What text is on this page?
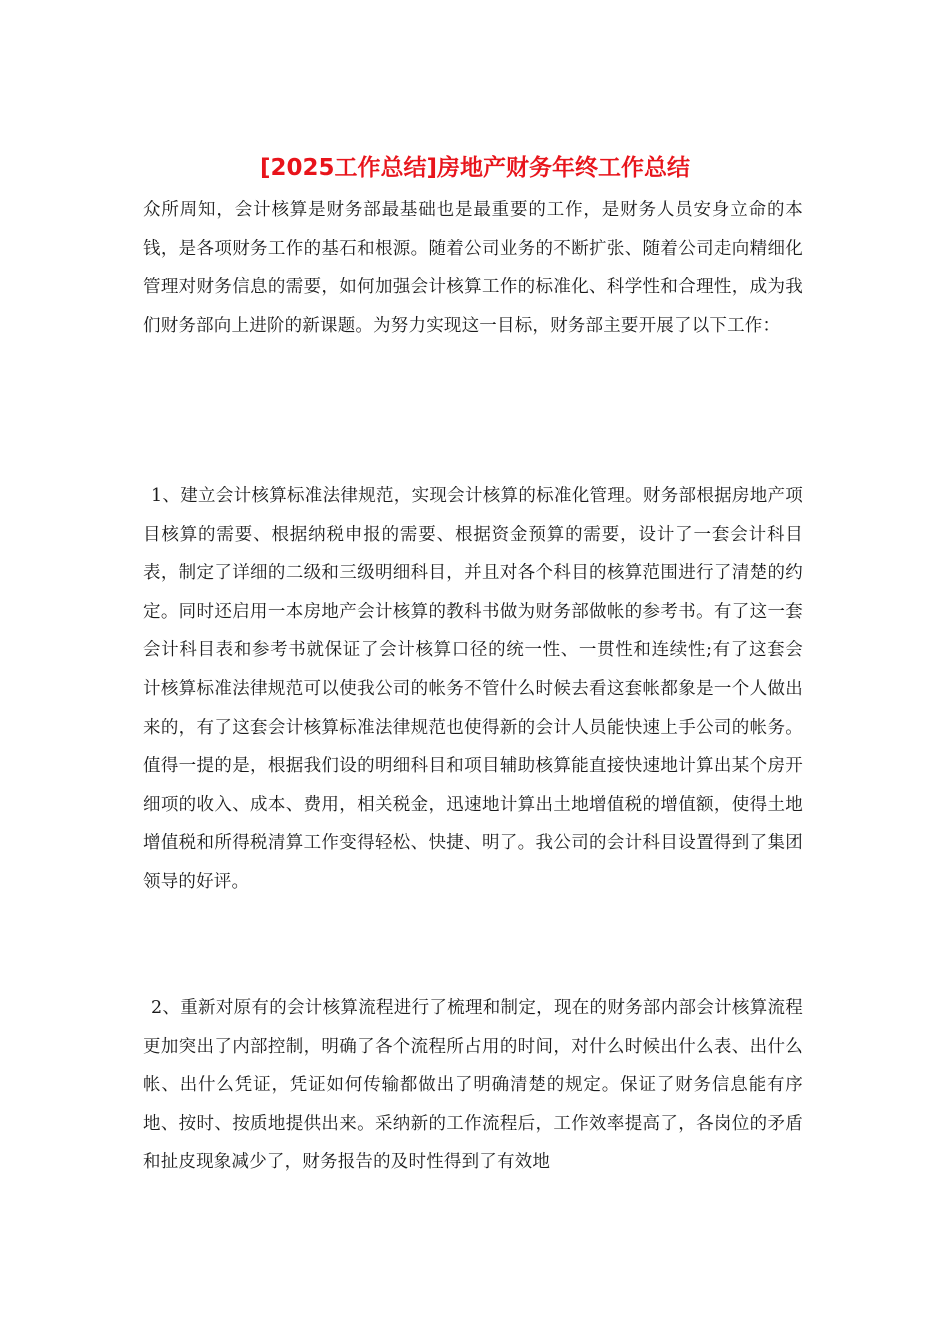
[2025工作总结]房地产财务年终工作总结

众所周知，会计核算是财务部最基础也是最重要的工作，是财务人员安身立命的本钱，是各项财务工作的基石和根源。随着公司业务的不断扩张、随着公司走向精细化管理对财务信息的需要，如何加强会计核算工作的标准化、科学性和合理性，成为我们财务部向上进阶的新课题。为努力实现这一目标，财务部主要开展了以下工作：

1、建立会计核算标准法律规范，实现会计核算的标准化管理。财务部根据房地产项目核算的需要、根据纳税申报的需要、根据资金预算的需要，设计了一套会计科目表，制定了详细的二级和三级明细科目，并且对各个科目的核算范围进行了清楚的约定。同时还启用一本房地产会计核算的教科书做为财务部做帐的参考书。有了这一套会计科目表和参考书就保证了会计核算口径的统一性、一贯性和连续性;有了这套会计核算标准法律规范可以使我公司的帐务不管什么时候去看这套帐都象是一个人做出来的，有了这套会计核算标准法律规范也使得新的会计人员能快速上手公司的帐务。值得一提的是，根据我们设的明细科目和项目辅助核算能直接快速地计算出某个房开细项的收入、成本、费用，相关税金，迅速地计算出土地增值税的增值额，使得土地增值税和所得税清算工作变得轻松、快捷、明了。我公司的会计科目设置得到了集团领导的好评。

2、重新对原有的会计核算流程进行了梳理和制定，现在的财务部内部会计核算流程更加突出了内部控制，明确了各个流程所占用的时间，对什么时候出什么表、出什么帐、出什么凭证，凭证如何传输都做出了明确清楚的规定。保证了财务信息能有序地、按时、按质地提供出来。采纳新的工作流程后，工作效率提高了，各岗位的矛盾和扯皮现象减少了，财务报告的及时性得到了有效地
